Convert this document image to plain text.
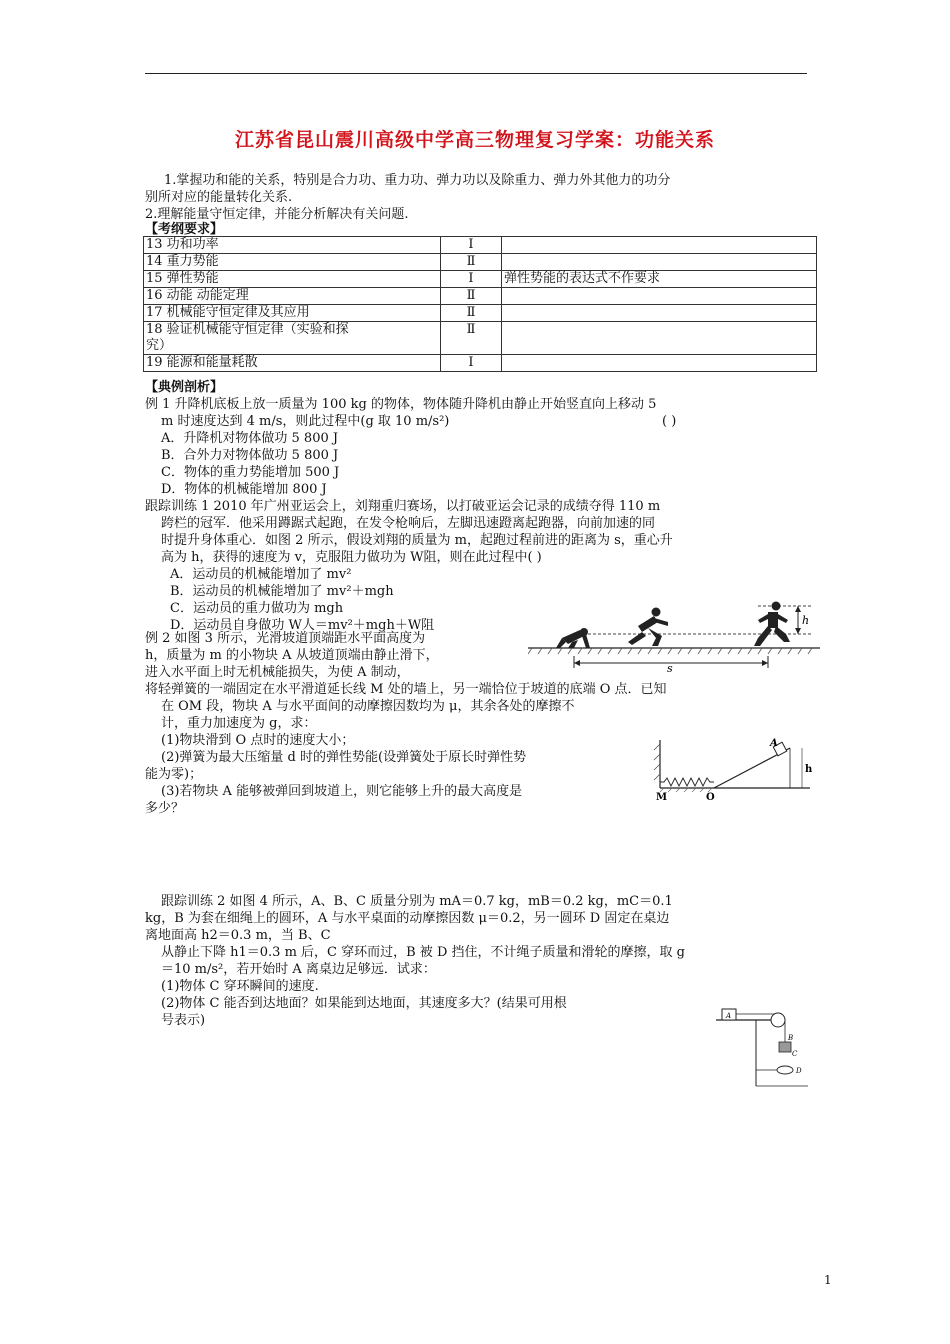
江苏省昆山震川高级中学高三物理复习学案：功能关系
1.掌握功和能的关系，特别是合力功、重力功、弹力功以及除重力、弹力外其他力的功分
别所对应的能量转化关系.
2.理解能量守恒定律，并能分析解决有关问题.
【考纲要求】
13 功和功率	Ⅰ	
14 重力势能	Ⅱ	
15 弹性势能	Ⅰ	弹性势能的表达式不作要求
16 动能 动能定理	Ⅱ	
17 机械能守恒定律及其应用	Ⅱ	

18 验证机械能守恒定律（实验和探
究）	Ⅱ	
19 能源和能量耗散	Ⅰ	
【典例剖析】
例 1 升降机底板上放一质量为 100 kg 的物体，物体随升降机由静止开始竖直向上移动 5
m 时速度达到 4 m/s，则此过程中(g 取 10 m/s²)	( )
A．升降机对物体做功 5 800 J
B．合外力对物体做功 5 800 J
C．物体的重力势能增加 500 J
D．物体的机械能增加 800 J
跟踪训练 1 2010 年广州亚运会上，刘翔重归赛场，以打破亚运会记录的成绩夺得 110 m
跨栏的冠军．他采用蹲踞式起跑，在发令枪响后，左脚迅速蹬离起跑器，向前加速的同
时提升身体重心．如图 2 所示，假设刘翔的质量为 m，起跑过程前进的距离为 s，重心升
高为 h，获得的速度为 v，克服阻力做功为 W阻，则在此过程中( )
A．运动员的机械能增加了 mv²
B．运动员的机械能增加了 mv²＋mgh
C．运动员的重力做功为 mgh
D．运动员自身做功 W人＝mv²＋mgh＋W阻	h
s
例 2 如图 3 所示，光滑坡道顶端距水平面高度为
h，质量为 m 的小物块 A 从坡道顶端由静止滑下，
进入水平面上时无机械能损失，为使 A 制动，
将轻弹簧的一端固定在水平滑道延长线 M 处的墙上，另一端恰位于坡道的底端 O 点．已知
在 OM 段，物块 A 与水平面间的动摩擦因数均为 μ，其余各处的摩擦不
计，重力加速度为 g，求：
(1)物块滑到 O 点时的速度大小；
(2)弹簧为最大压缩量 d 时的弹性势能(设弹簧处于原长时弹性势
能为零)；
(3)若物块 A 能够被弹回到坡道上，则它能够上升的最大高度是
多少？
A
h
M	O
跟踪训练 2 如图 4 所示，A、B、C 质量分别为 mA＝0.7 kg，mB＝0.2 kg，mC＝0.1
kg，B 为套在细绳上的圆环，A 与水平桌面的动摩擦因数 μ＝0.2，另一圆环 D 固定在桌边
离地面高 h2＝0.3 m，当 B、C
从静止下降 h1＝0.3 m 后，C 穿环而过，B 被 D 挡住，不计绳子质量和滑轮的摩擦，取 g
＝10 m/s²，若开始时 A 离桌边足够远．试求：
(1)物体 C 穿环瞬间的速度.
(2)物体 C 能否到达地面？如果能到达地面，其速度多大？(结果可用根
号表示)	A
B
C
D
1
